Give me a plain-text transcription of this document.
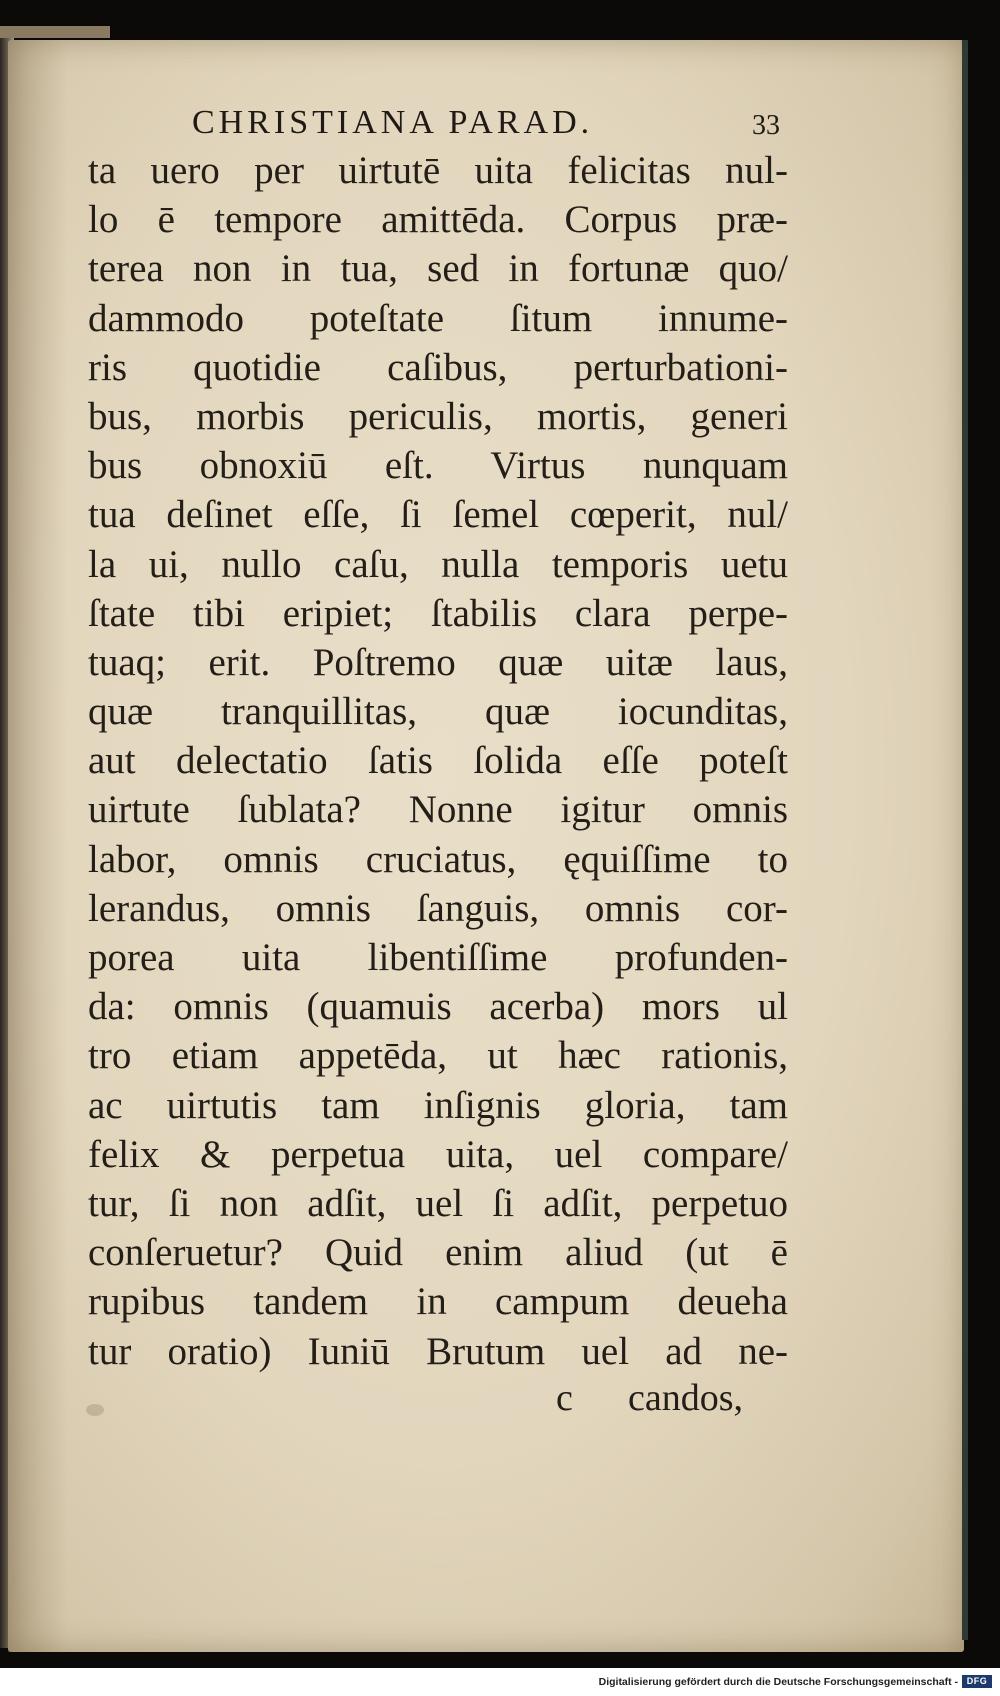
CHRISTIANA PARAD.	33
ta uero per uirtutē uita felicitas nul-
lo ē tempore amittēda. Corpus præ-
terea non in tua, sed in fortunæ quo/
dammodo poteſtate ſitum innume-
ris quotidie caſibus, perturbationi-
bus, morbis periculis, mortis, generi
bus obnoxiū eſt. Virtus nunquam
tua deſinet eſſe, ſi ſemel cœperit, nul/
la ui, nullo caſu, nulla temporis uetu
ſtate tibi eripiet; ſtabilis clara perpe-
tuaq; erit. Poſtremo quæ uitæ laus,
quæ tranquillitas, quæ iocunditas,
aut delectatio ſatis ſolida eſſe poteſt
uirtute ſublata? Nonne igitur omnis
labor, omnis cruciatus, ęquiſſime to
lerandus, omnis ſanguis, omnis cor-
porea uita libentiſſime profunden-
da: omnis (quamuis acerba) mors ul
tro etiam appetēda, ut hæc rationis,
ac uirtutis tam inſignis gloria, tam
felix & perpetua uita, uel compare/
tur, ſi non adſit, uel ſi adſit, perpetuo
conſeruetur? Quid enim aliud (ut ē
rupibus tandem in campum deueha
tur oratio) Iuniū Brutum uel ad ne-
c candos,
Digitalisierung gefördert durch die Deutsche Forschungsgemeinschaft - DFG
